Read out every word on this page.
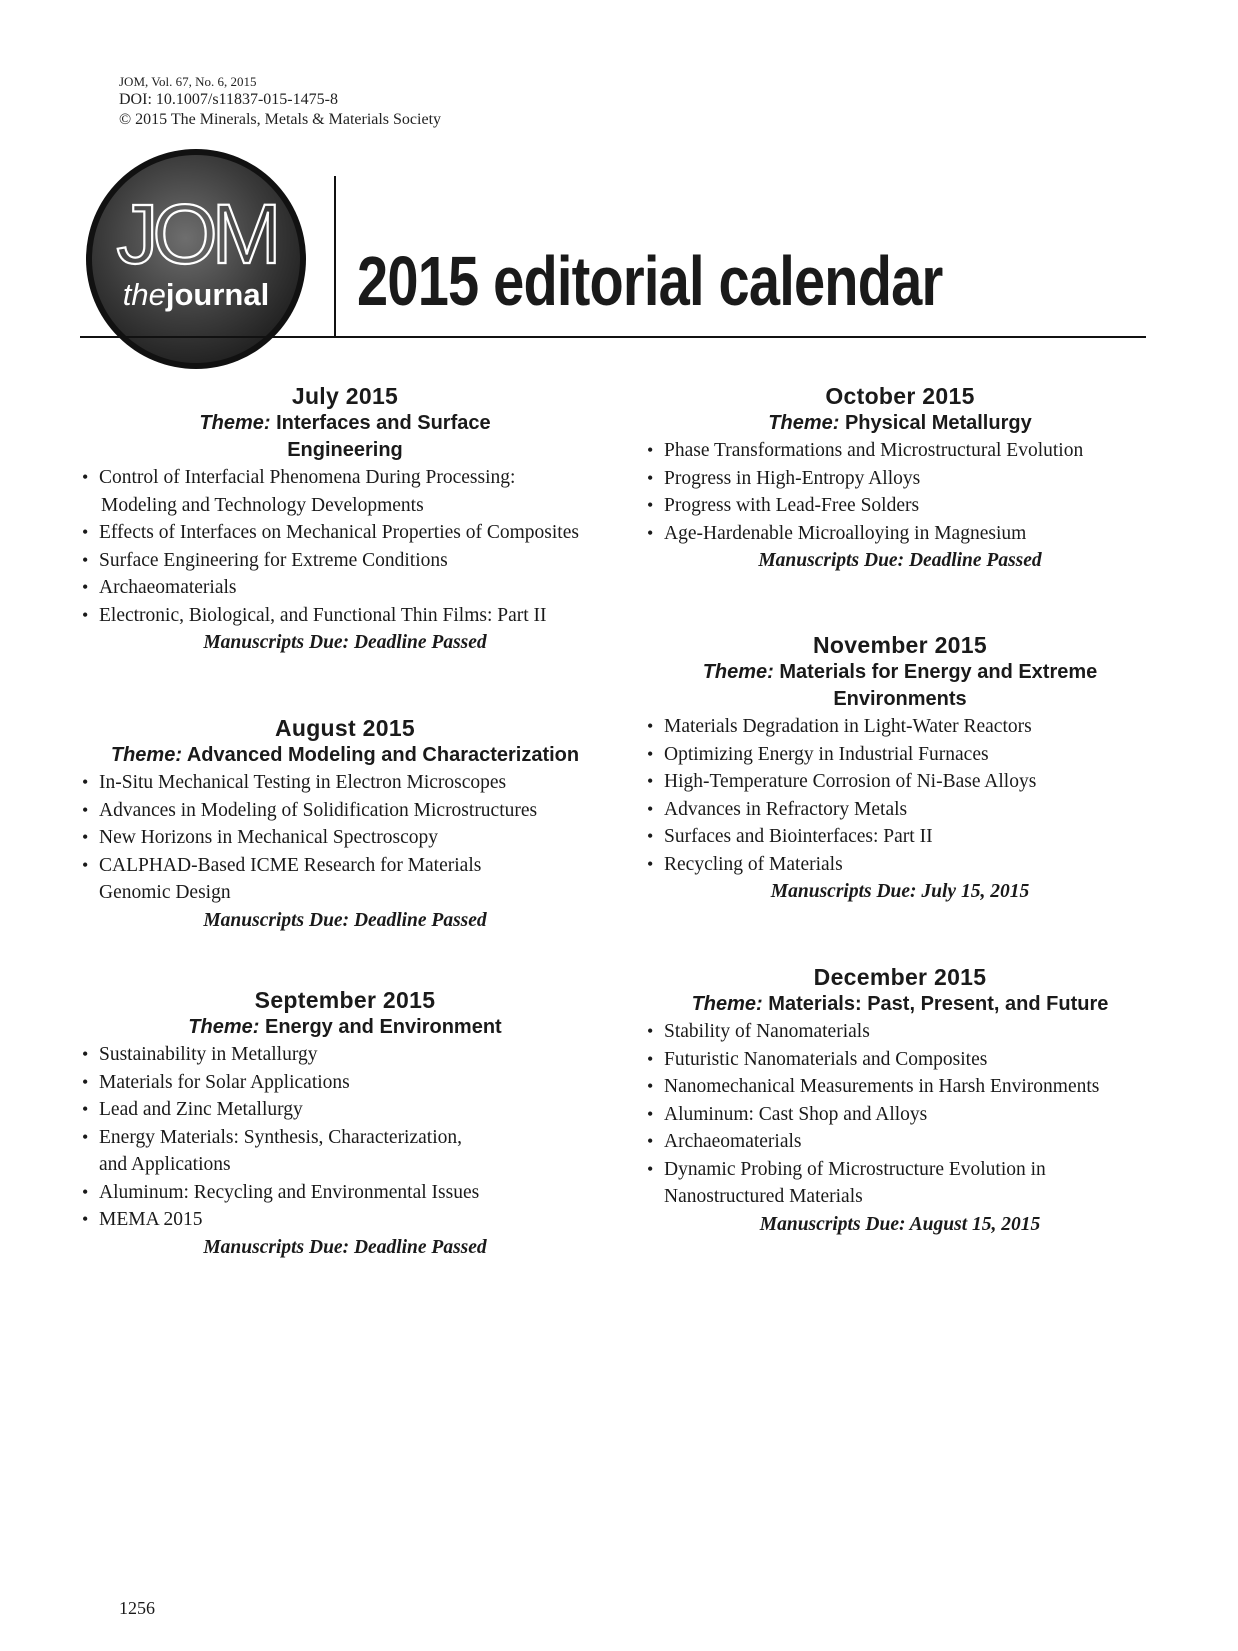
JOM, Vol. 67, No. 6, 2015
DOI: 10.1007/s11837-015-1475-8
© 2015 The Minerals, Metals & Materials Society
JOM
thejournal 2015 editorial calendar
July 2015
Theme: Interfaces and Surface
Engineering
• Control of Interfacial Phenomena During Processing:
Modeling and Technology Developments
• Effects of Interfaces on Mechanical Properties of Composites
• Surface Engineering for Extreme Conditions
• Archaeomaterials
• Electronic, Biological, and Functional Thin Films: Part II
Manuscripts Due: Deadline Passed
August 2015
Theme: Advanced Modeling and Characterization
• In-Situ Mechanical Testing in Electron Microscopes
• Advances in Modeling of Solidification Microstructures
• New Horizons in Mechanical Spectroscopy
• CALPHAD-Based ICME Research for Materials
Genomic Design
Manuscripts Due: Deadline Passed
September 2015
Theme: Energy and Environment
• Sustainability in Metallurgy
• Materials for Solar Applications
• Lead and Zinc Metallurgy
• Energy Materials: Synthesis, Characterization,
and Applications
• Aluminum: Recycling and Environmental Issues
• MEMA 2015
Manuscripts Due: Deadline Passed
October 2015
Theme: Physical Metallurgy
• Phase Transformations and Microstructural Evolution
• Progress in High-Entropy Alloys
• Progress with Lead-Free Solders
• Age-Hardenable Microalloying in Magnesium
Manuscripts Due: Deadline Passed
November 2015
Theme: Materials for Energy and Extreme
Environments
• Materials Degradation in Light-Water Reactors
• Optimizing Energy in Industrial Furnaces
• High-Temperature Corrosion of Ni-Base Alloys
• Advances in Refractory Metals
• Surfaces and Biointerfaces: Part II
• Recycling of Materials
Manuscripts Due: July 15, 2015
December 2015
Theme: Materials: Past, Present, and Future
• Stability of Nanomaterials
• Futuristic Nanomaterials and Composites
• Nanomechanical Measurements in Harsh Environments
• Aluminum: Cast Shop and Alloys
• Archaeomaterials
• Dynamic Probing of Microstructure Evolution in
Nanostructured Materials
Manuscripts Due: August 15, 2015
1256
